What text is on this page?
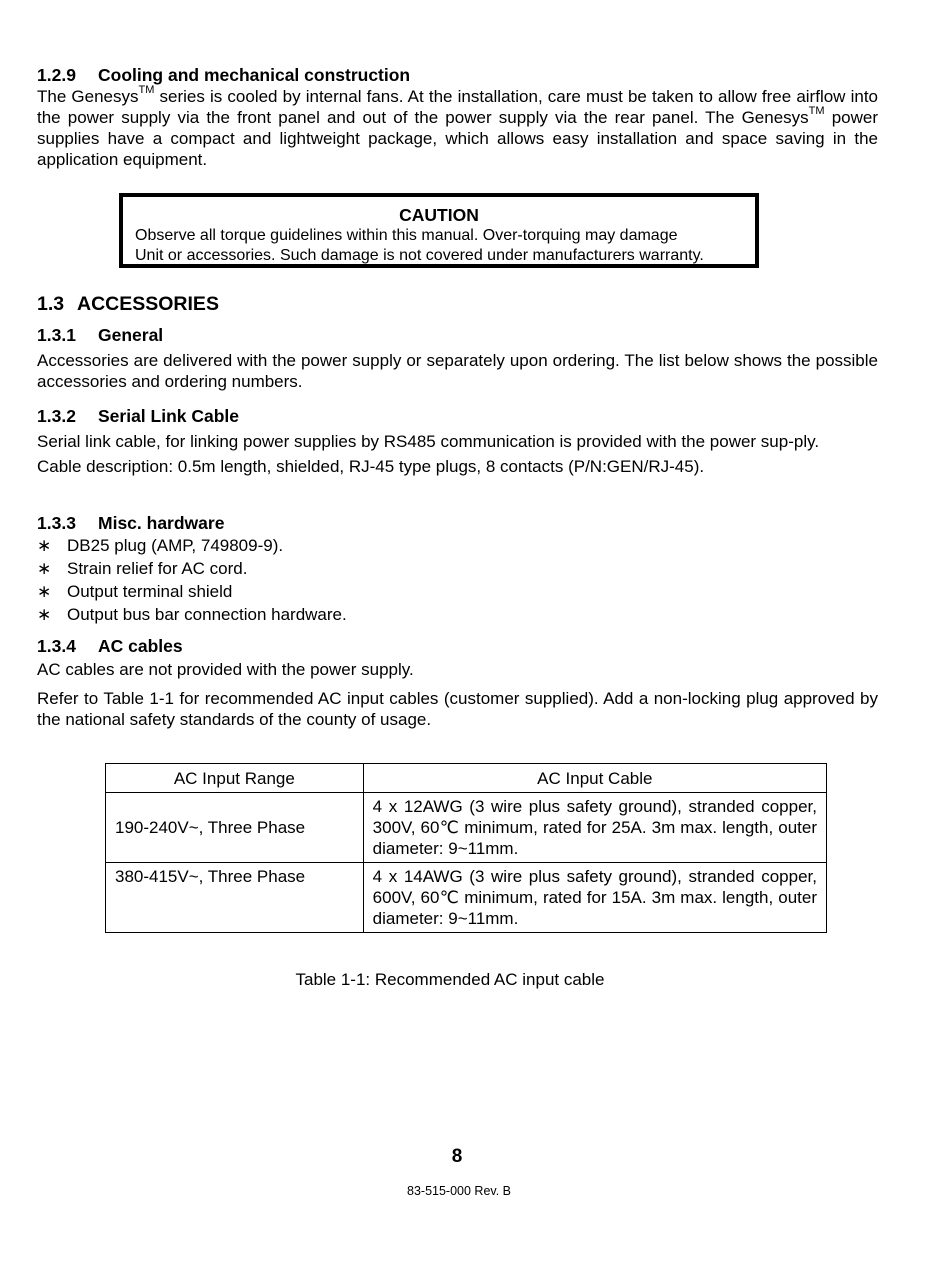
1.2.9 Cooling and mechanical construction

The Genesys™ series is cooled by internal fans. At the installation, care must be taken to allow free airflow into the power supply via the front panel and out of the power supply via the rear panel. The Genesys™ power supplies have a compact and lightweight package, which allows easy installation and space saving in the application equipment.

CAUTION
Observe all torque guidelines within this manual. Over-torquing may damage
Unit or accessories. Such damage is not covered under manufacturers warranty.
1.3 ACCESSORIES
1.3.1 General

Accessories are delivered with the power supply or separately upon ordering. The list below shows the possible accessories and ordering numbers.

1.3.2 Serial Link Cable

Serial link cable, for linking power supplies by RS485 communication is provided with the power sup-ply.

Cable description: 0.5m length, shielded, RJ-45 type plugs, 8 contacts (P/N:GEN/RJ-45).

1.3.3 Misc. hardware
∗ DB25 plug (AMP, 749809-9).
∗ Strain relief for AC cord.
∗ Output terminal shield
∗ Output bus bar connection hardware.
1.3.4 AC cables

AC cables are not provided with the power supply.

Refer to Table 1-1 for recommended AC input cables (customer supplied). Add a non-locking plug approved by the national safety standards of the county of usage.

AC Input Range	AC Input Cable
190-240V~, Three Phase	4 x 12AWG (3 wire plus safety ground), stranded copper, 300V, 60℃ minimum, rated for 25A. 3m max. length, outer diameter: 9~11mm.
380-415V~, Three Phase	4 x 14AWG (3 wire plus safety ground), stranded copper, 600V, 60℃ minimum, rated for 15A. 3m max. length, outer diameter: 9~11mm.
Table 1-1: Recommended AC input cable
8
83-515-000 Rev. B
